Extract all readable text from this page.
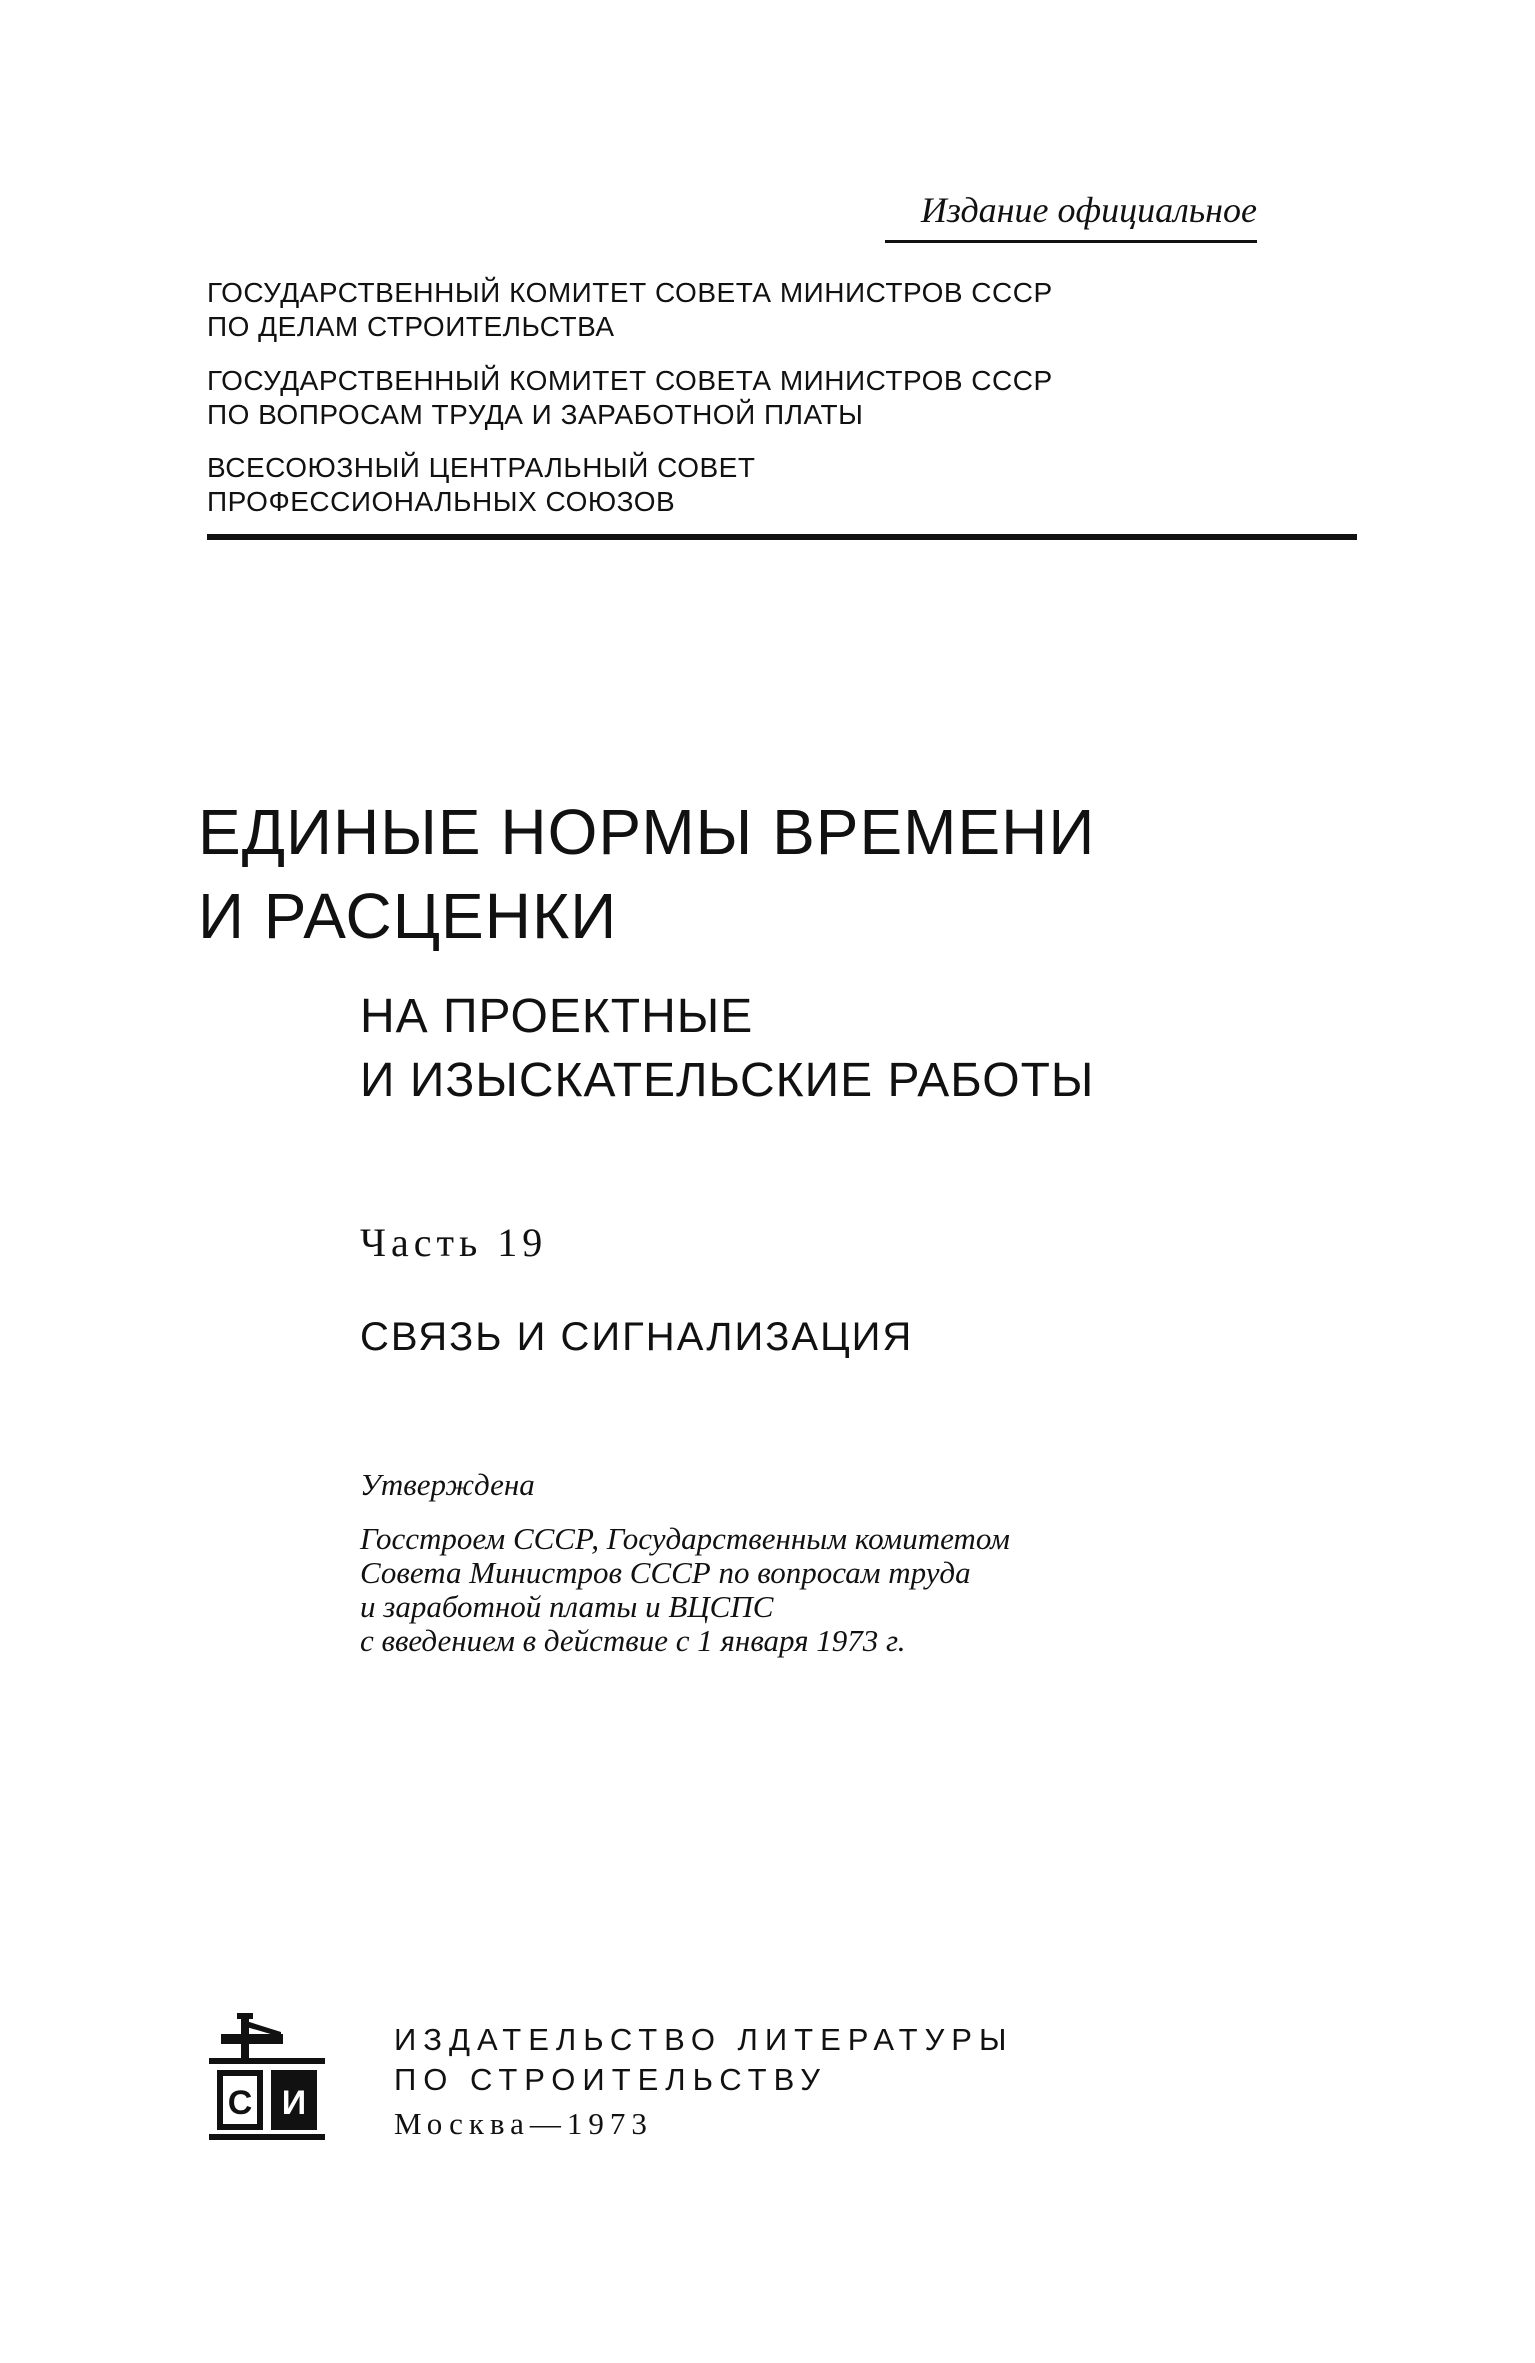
Издание официальное
ГОСУДАРСТВЕННЫЙ КОМИТЕТ СОВЕТА МИНИСТРОВ СССР
ПО ДЕЛАМ СТРОИТЕЛЬСТВА
ГОСУДАРСТВЕННЫЙ КОМИТЕТ СОВЕТА МИНИСТРОВ СССР
ПО ВОПРОСАМ ТРУДА И ЗАРАБОТНОЙ ПЛАТЫ
ВСЕСОЮЗНЫЙ ЦЕНТРАЛЬНЫЙ СОВЕТ
ПРОФЕССИОНАЛЬНЫХ СОЮЗОВ
ЕДИНЫЕ НОРМЫ ВРЕМЕНИ
И РАСЦЕНКИ
НА ПРОЕКТНЫЕ
И ИЗЫСКАТЕЛЬСКИЕ РАБОТЫ
Часть 19
СВЯЗЬ И СИГНАЛИЗАЦИЯ
Утверждена
Госстроем СССР, Государственным комитетом
Совета Министров СССР по вопросам труда
и заработной платы и ВЦСПС
с введением в действие с 1 января 1973 г.
С И
ИЗДАТЕЛЬСТВО ЛИТЕРАТУРЫ
ПО СТРОИТЕЛЬСТВУ
Москва—1973
